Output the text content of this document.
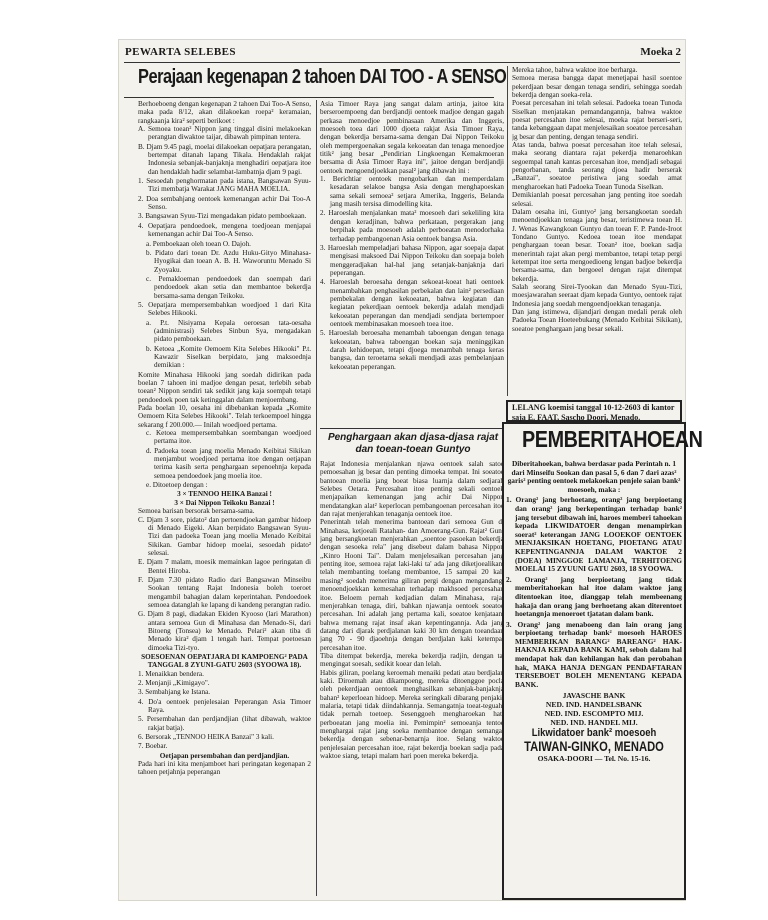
PEWARTA SELEBES	Moeka 2
Perajaan kegenapan 2 tahoen DAI TOO - A SENSO
Berhoeboeng dengan kegenapan 2 tahoen Dai Too-A Senso, maka pada 8/12, akan dilakoekan roepa² keramaian, rangkaanja kira² seperti berikoet :
A. Semoea toean² Nippon jang tinggal disini melakoekan perangtan diwaktoe taijar, dibawah pimpinan tentera.
B. Djam 9.45 pagi, moelai dilakoekan oepatjara perangatan, bertempat ditanah lapang Tikala. Hendaklah rakjat Indonesia sebanjak-banjaknja menghadiri oepatjara itoe dan hendaklah hadir selambat-lambatnja djam 9 pagi.
1. Sesoedah penghormatan pada istana, Bangsawan Syuu-Tizi membatja Warakat JANG MAHA MOELIA.
2. Doa sembahjang oentoek kemenangan achir Dai Too-A Senso.
3. Bangsawan Syuu-Tizi mengadakan pidato pemboekaan.
4. Oepatjara pendoedoek, mengena toedjoean menjapai kemenangan achir Dai Too-A Senso.
a. Pemboekaan oleh toean O. Dajoh.
b. Pidato dari toean Dr. Azdu Huku-Gityo Minahasa-Hyogikai dan toean A. B. H. Waworuntu Menado Si Zyoyaku.
c. Pemakloeman pendoedoek dan soempah dari pendoedoek akan setia dan membantoe bekerdja bersama-sama dengan Teikoku.
5. Oepatjara mempersembahkan woedjoed 1 dari Kita Selebes Hikooki.
a. P.t. Nisiyama Kepala oeroesan tata-oesaha (administrasi) Selebes Sinbun Sya, mengadakan pidato pemboekaan.
b. Ketoea „Komite Oemoem Kita Selebes Hikooki" P.t. Kawazir Siselkan berpidato, jang maksoednja demikian :
Komite Minahasa Hikooki jang soedah didirikan pada boelan 7 tahoen ini madjoe dengan pesat, terlebih sebab toean² Nippon sendiri tak sedikit jang kaja soempah tetapi pendoedoek poen tak ketinggalan dalam menjoembang.
Pada boelan 10, oesaha ini dibebankan kepada „Komite Oemoem Kita Selebes Hikooki". Telah terkoempoel hingga sekarang f 200.000.— Inilah woedjoed pertama.
c. Ketoea mempersembahkan soembangan woedjoed pertama itoe.
d. Padoeka toean jang moelia Menado Keibitai Sikikan menjambut woedjoed pertama itoe dengan oetjapan terima kasih serta penghargaan sepenoehnja kepada semoea pendoedoek jang moelia itoe.
e. Ditoetoep dengan :
3 × TENNOO HEIKA Banzai !
3 × Dai Nippon Teikoku Banzai !
Semoea barisan bersorak bersama-sama.
C. Djam 3 sore, pidato² dan pertoendjoekan gambar hidoep di Menado Eigeki. Akan berpidato Bangsawan Syuu-Tizi dan padoeka Toean jang moelia Menado Keibitai Sikikan. Gambar hidoep moelai, sesoedah pidato² selesai.
E. Djam 7 malam, moesik memainkan lagoe peringatan di Bentei Hiroba.
F. Djam 7.30 pidato Radio dari Bangsawan Minseibu Sookan tentang Rajat Indonesia boleh toeroet mengambil bahagian dalam keperintahan. Pendoedoek semoea datanglah ke lapang di kandeng perangtan radio.
G. Djam 8 pagi, diadakan Ekiden Kyooso (lari Marathon) antara semoea Gun di Minahasa dan Menado-Si, dari Bitoeng (Tonsea) ke Menado. Pelari² akan tiba di Menado kira² djam 1 tengah hari. Tempat poetoesan dimoeka Tizi-tyo.
SOESOENAN OEPATJARA DI KAMPOENG² PADA TANGGAL 8 ZYUNI-GATU 2603 (SYOOWA 18).
1. Menaikkan bendera.
2. Menjanji „Kimigayo".
3. Sembahjang ke Istana.
4. Do'a oentoek penjelesaian Peperangan Asia Timoer Raya.
5. Persembahan dan perdjandjian (lihat dibawah, waktoe rakjat batja).
6. Bersorak „TENNOO HEIKA Banzai" 3 kali.
7. Boebar.
Oetjapan persembahan dan perdjandjian.
Pada hari ini kita menjamboet hari peringatan kegenapan 2 tahoen petjahnja peperangan
Asia Timoer Raya jang sangat dalam artinja, jaitoe kita berseroempoeng dan berdjandji oentoek madjoe dengan gagah perkasa menoedjoe pembinasaan Amerika dan Inggeris, moesoeh toea dari 1000 djoeta rakjat Asia Timoer Raya, dengan bekerdja bersama-sama dengan Dai Nippon Teikoku oleh mempergoenakan segala kekoeatan dan tenaga menoedjoe titik² jang besar „Pendirian Lingkoengan Kemakmoeran bersama di Asia Timoer Raya ini", jaitoe dengan berdjandji oentoek mengoendjoekkan pasal² jang dibawah ini :
1. Berichtiar oentoek mengobarkan dan memperdalam kesadaran selakoe bangsa Asia dengan menghapoeskan sama sekali semoea² setjara Amerika, Inggeris, Belanda jang masih tersisa dimodelling kita.
2. Haroeslah menjalankan mata² moesoeh dari sekeliling kita dengan keradjinan, bahwa perkataan, pergerakan jang berpihak pada moesoeh adalah perboeatan menodorhaka terhadap pembangoenan Asia oentoek bangsa Asia.
3. Haroeslah mempeladjari bahasa Nippon, agar soepaja dapat mengisasi maksoed Dai Nippon Teikoku dan soepaja boleh menggeradjakan hal-hal jang setanjak-banjaknja dari peperangan.
4. Haroeslah beroesaha dengan sekoeat-koeat hati oentoek menambahkan penghasilan perbekalan dan lain² persediaan pembekalan dengan kekoeatan, bahwa kegiatan dan kegiatan pekerdjaan oentoek bekerdja adalah mendjadi kekoeatan peperangan dan mendjadi sendjata bertempoer oentoek membinasakan moesoeh toea itoe.
5. Haroeslah beroesaha menambah taboengan dengan tenaga kekoeatan, bahwa taboengan boekan saja meninggikan darah kehidoepan, tetapi djoega menambah tenaga keras bangsa, dan teroetama sekali mendjadi azas pembelanjaan kekoeatan peperangan.
Penghargaan akan djasa-djasa rajat dan toean-toean Guntyo
Rajat Indonesia menjalankan njawa oentoek salah satoe pemoesahan jg besar dan penting dimoeka tempat. Ini soeatoe bantoean moelia jang boeat biasa luarnja dalam sedjarah Selebes Oetara. Percesahan itoe penting sekali oentoek menjapaikan kemenangan jang achir Dai Nippon mendatangkan alat² keperlocan pembangoenan percesahan itoe dan rajat menjerahkan tenaganja oentoek itoe.
Penerintah telah menerima bantoean dari semoea Gun di Minahasa, ketjoeali Ratahan- dan Amoerang-Gun. Rajat² Gun² jang bersangkoetan menjerahkan „soentoe pasoekan bekerdja dengan sesoeka rela" jang disebeut dalam bahasa Nippon „Kinro Hooni Tai". Dalam menjelesaikan percesahan jang penting itoe, semoea rajat laki-laki ta' ada jang diketjoealikan, telah membanting toelang membantoe, 15 sampai 20 kali masing² soedah menerima giliran pergi dengan mengandang, menoendjoekkan kemesahan terhadap makhsoed percesahan itoe. Beloem pernah kedjadian dalam Minahasa, rajat menjerahkan tenaga, diri, bahkan njawanja oentoek soeatoe percesahan. Ini adalah jang pertama kali, soeatoe kenjataan, bahwa memang rajat insaf akan kepentingannja. Ada jang datang dari djarak perdjalanan kaki 30 km dengan toeandaan jang 70 - 90 djaoehnja dengan berdjalan kaki ketempat percesahan itoe.
Tiba ditempat bekerdja, mereka bekerdja radjin, dengan ta' mengingat soesah, sedikit koear dan lelah.
Habis giliran, poelang keroemah menaiki pedati atau berdjalan kaki. Diroemah atau dikampoeng, mereka ditoenggoe pocla oleh pekerdjaan oentoek menghasilkan sebanjak-banjaknja bahan² keperloean hidoep. Mereka seringkali dibarang penjakit malaria, tetapi tidak diindahkannja. Semangatnja toeat-teguah, tidak pernah toetoep. Sesenggoeh mengharoekan hati perboeatan jang moelia ini. Pemimpin² semoeanja tentoe menghargai rajat jang soeka membantoe dengan semangat bekerdja dengan sebenar-benarnja itoe. Selang waktoe penjelesaian percesahan itoe, rajat bekerdja boekan sadja pada waktoe siang, tetapi malam hari poen mereka bekerdja.
Mereka tahoe, bahwa waktoe itoe berharga.
Semoea merasa bangga dapat menetjapai hasil soentoe pekerdjaan besar dengan tenaga sendiri, sehingga soedah bekerdja dengan soeka-rela.
Poesat percesahan ini telah selesai. Padoeka toean Tunoda Siselkan menjatakan pemandangannja, bahwa waktoe poesat percesahan itoe selesai, moeka rajat berseri-seri, tanda kebanggaan dapat menjelesaikan soeatoe percesahan jg besar dan penting, dengan tenaga sendiri.
Atas tanda, bahwa poesat percesahan itoe telah selesai, maka seorang diantara rajat pekerdja menaroehkan segoempal tanah kantas percesahan itoe, mendjadi sebagai pengorbanan, tanda seorang djoea hadir berserak „Banzai", soeatoe peristiwa jang soedah amat mengharoekan hati Padoeka Toean Tunoda Siselkan.
Demikianlah poesat percesahan jang penting itoe soedah selesai.
Dalam oesaha ini, Guntyo² jang bersangkoetan soedah menoendjoekkan tenaga jang besar, teristimewa toean H. J. Wenas Kawangkoan Guntyo dan toean F. P. Pande-Iroot Tondano Guntyo. Kedoea toean itoe mendapat penghargaan toean besar. Toean² itoe, boekan sadja menerintah rajat akan pergi membantoe, tetapi tetap pergi ketempat itoe serta mengoedioeng lengan badjoe bekerdja bersama-sama, dan bergoeel dengan rajat ditempat bekerdja.
Salah seorang Sirei-Tyookan dan Menado Syuu-Tizi, moesjawarahan seeraat djam kepada Guntyo, oentoek rajat Indonesia jang soedah mengoendjoekkan tenaganja.
Dan jang istimewa, dijandjari dengan medali perak oleh Padoeka Toean Hoeteebukang (Menado Keibitai Sikikan), soeatoe penghargaan jang besar sekali.
LELANG koemisi tanggal 10-12-2603 di kantor saja E. FAAT, Sascho Doori, Menado.
PEMBERITAHOEAN

Diberitahoekan, bahwa berdasar pada Perintah n. 1 dari Minseifu Sookan dan pasal 5, 6 dan 7 dari azas² garis² penting oentoek melakoekan penjele saian bank² moesoeh, maka :

1. Orang² jang berhoetang, orang² jang berpioetang dan orang² jang berkepentingan terhadap bank² jang tersebut dibawah ini, haroes memberi tahoekan kepada LIKWIDATOER dengan menampirkan soerat² keterangan JANG LOOEKOF OENTOEK MENJAKSIKAN HOETANG, PIOETANG ATAU KEPENTINGANNJA DALAM WAKTOE 2 (DOEA) MINGGOE LAMANJA, TERHITOENG MOELAI 15 ZYUUNI GATU 2603, 18 SYOOWA.

2. Orang² jang berpioetang jang tidak memberitahoekan hal itoe dalam waktoe jang ditentoekan itoe, dianggap telah membeenang hakaja dan orang jang berhoetang akan diterentoet hoetangnja menoeroet tjatatan dalam bank.

3. Orang² jang menaboeng dan lain orang jang berpioetang terhadap bank² moesoeh HAROES MEMBERIKAN BARANG² BAREANG² HAK-HAKNJA KEPADA BANK KAMI, seboh dalam hal mendapat hak dan kehilangan hak dan perobahan hak, MAKA HANJA DENGAN PENDAFTARAN TERSEBOET BOLEH MENENTANG KEPADA BANK.

JAVASCHE BANK
NED. IND. HANDELSBANK
NED. IND. ESCOMPTO MIJ.
NED. IND. HANDEL MIJ.
Likwidatoer bank² moesoeh
TAIWAN-GINKO, MENADO
OSAKA-DOORI — Tel. No. 15-16.
